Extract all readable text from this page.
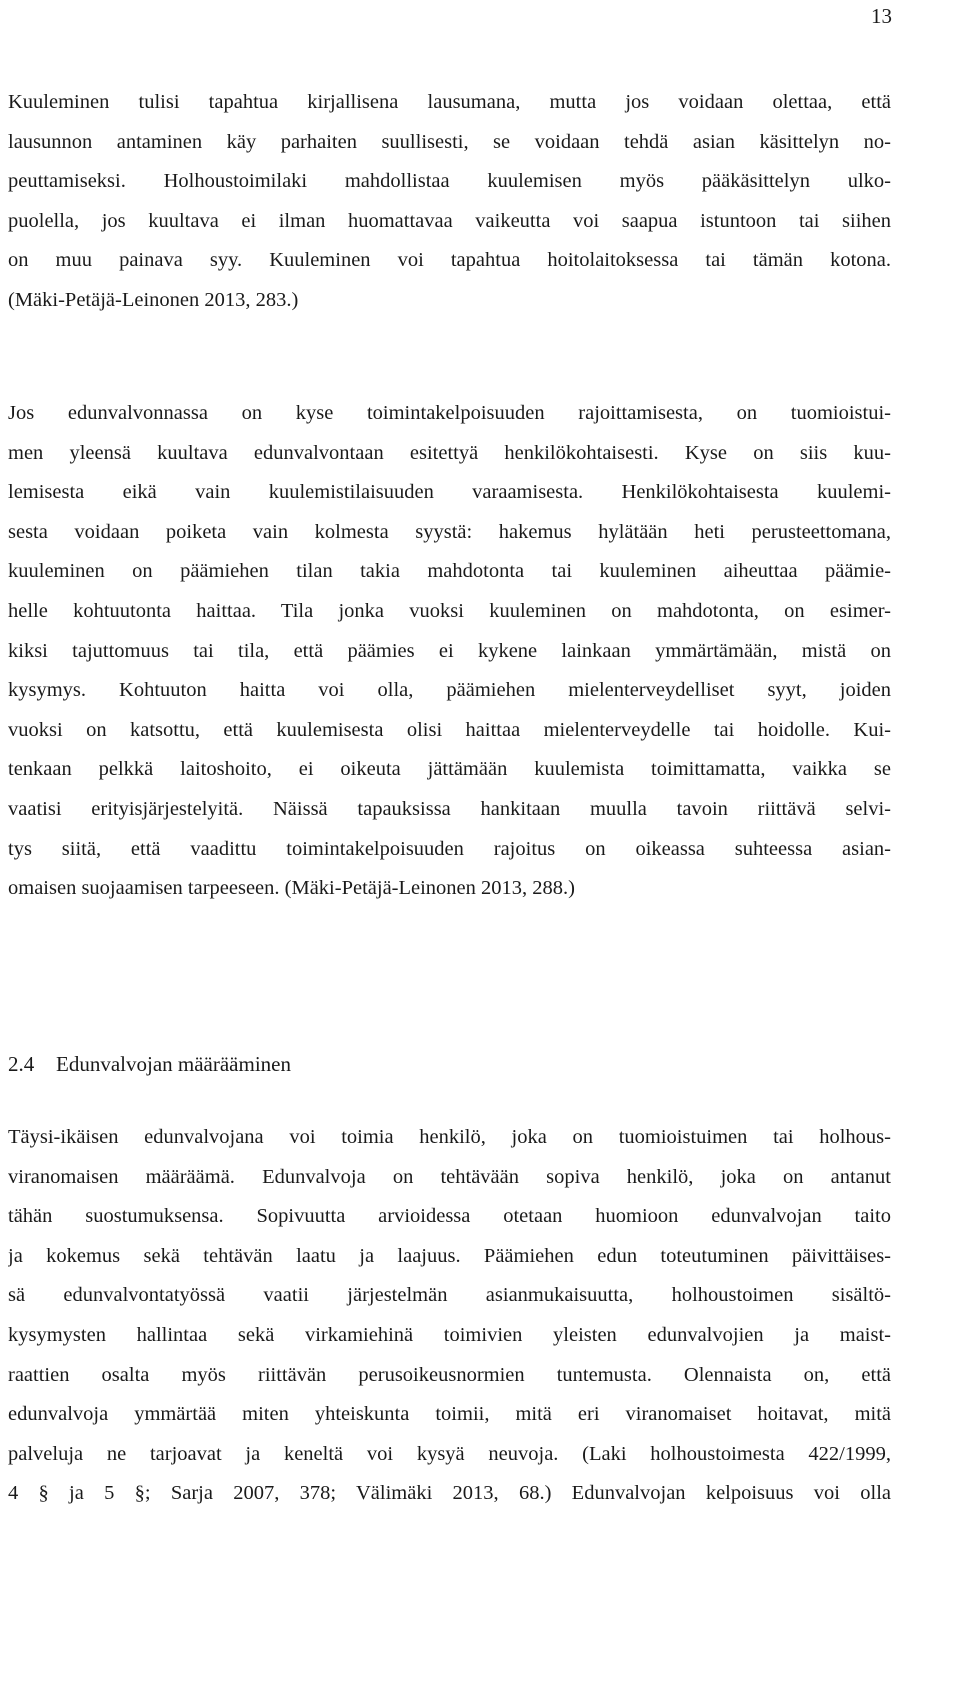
13
Kuuleminen tulisi tapahtua kirjallisena lausumana, mutta jos voidaan olettaa, että
lausunnon antaminen käy parhaiten suullisesti, se voidaan tehdä asian käsittelyn no-
peuttamiseksi. Holhoustoimilaki mahdollistaa kuulemisen myös pääkäsittelyn ulko-
puolella, jos kuultava ei ilman huomattavaa vaikeutta voi saapua istuntoon tai siihen
on muu painava syy. Kuuleminen voi tapahtua hoitolaitoksessa tai tämän kotona.
(Mäki-Petäjä-Leinonen 2013, 283.)
Jos edunvalvonnassa on kyse toimintakelpoisuuden rajoittamisesta, on tuomioistui-
men yleensä kuultava edunvalvontaan esitettyä henkilökohtaisesti. Kyse on siis kuu-
lemisesta eikä vain kuulemistilaisuuden varaamisesta. Henkilökohtaisesta kuulemi-
sesta voidaan poiketa vain kolmesta syystä: hakemus hylätään heti perusteettomana,
kuuleminen on päämiehen tilan takia mahdotonta tai kuuleminen aiheuttaa päämie-
helle kohtuutonta haittaa. Tila jonka vuoksi kuuleminen on mahdotonta, on esimer-
kiksi tajuttomuus tai tila, että päämies ei kykene lainkaan ymmärtämään, mistä on
kysymys. Kohtuuton haitta voi olla, päämiehen mielenterveydelliset syyt, joiden
vuoksi on katsottu, että kuulemisesta olisi haittaa mielenterveydelle tai hoidolle. Kui-
tenkaan pelkkä laitoshoito, ei oikeuta jättämään kuulemista toimittamatta, vaikka se
vaatisi erityisjärjestelyitä. Näissä tapauksissa hankitaan muulla tavoin riittävä selvi-
tys siitä, että vaadittu toimintakelpoisuuden rajoitus on oikeassa suhteessa asian-
omaisen suojaamisen tarpeeseen. (Mäki-Petäjä-Leinonen 2013, 288.)
2.4 Edunvalvojan määrääminen
Täysi-ikäisen edunvalvojana voi toimia henkilö, joka on tuomioistuimen tai holhous-
viranomaisen määräämä. Edunvalvoja on tehtävään sopiva henkilö, joka on antanut
tähän suostumuksensa. Sopivuutta arvioidessa otetaan huomioon edunvalvojan taito
ja kokemus sekä tehtävän laatu ja laajuus. Päämiehen edun toteutuminen päivittäises-
sä edunvalvontatyössä vaatii järjestelmän asianmukaisuutta, holhoustoimen sisältö-
kysymysten hallintaa sekä virkamiehinä toimivien yleisten edunvalvojien ja maist-
raattien osalta myös riittävän perusoikeusnormien tuntemusta. Olennaista on, että
edunvalvoja ymmärtää miten yhteiskunta toimii, mitä eri viranomaiset hoitavat, mitä
palveluja ne tarjoavat ja keneltä voi kysyä neuvoja. (Laki holhoustoimesta 422/1999,
4 § ja 5 §; Sarja 2007, 378; Välimäki 2013, 68.) Edunvalvojan kelpoisuus voi olla
